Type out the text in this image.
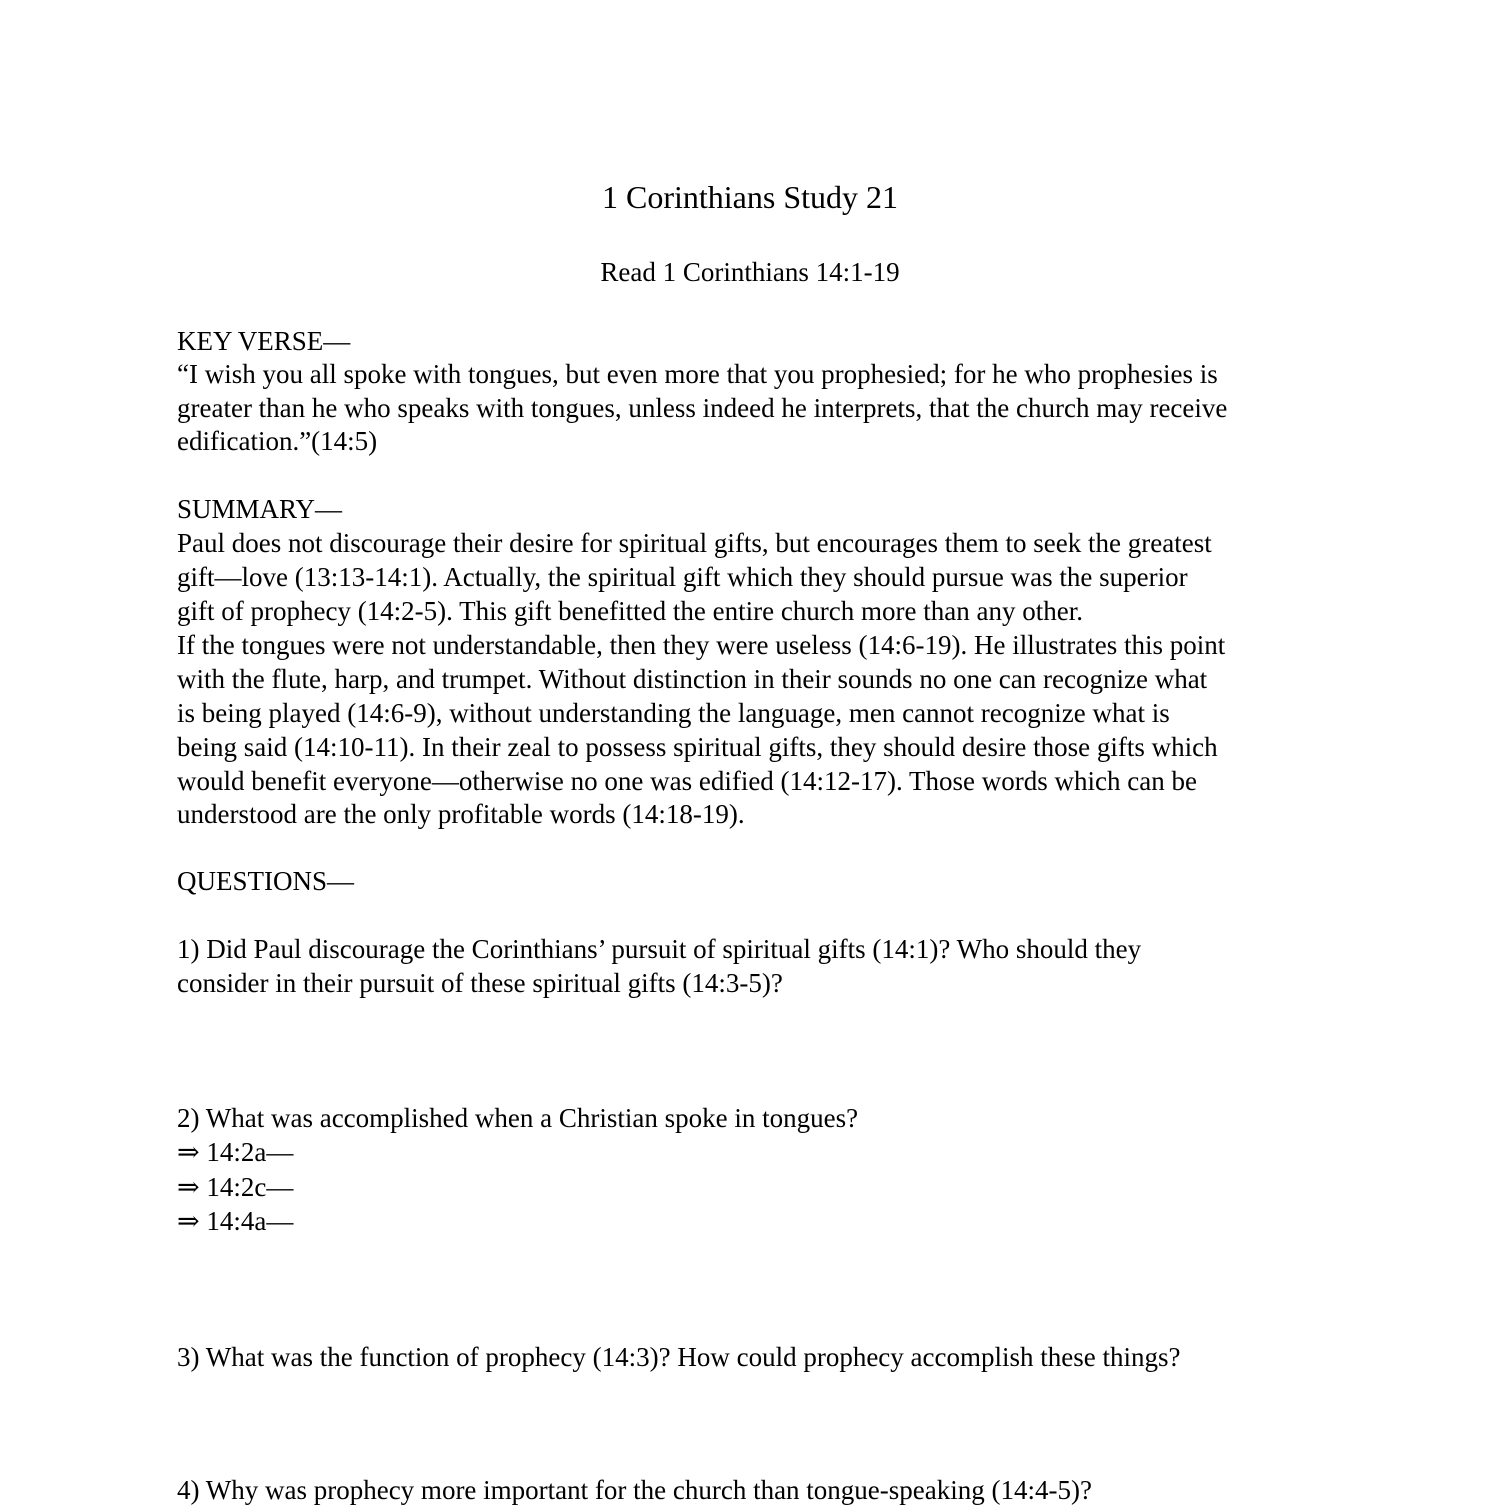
1 Corinthians Study 21
Read 1 Corinthians 14:1-19
KEY VERSE—
“I wish you all spoke with tongues, but even more that you prophesied; for he who prophesies is
greater than he who speaks with tongues, unless indeed he interprets, that the church may receive
edification.”(14:5)
SUMMARY—
Paul does not discourage their desire for spiritual gifts, but encourages them to seek the greatest
gift—love (13:13-14:1). Actually, the spiritual gift which they should pursue was the superior
gift of prophecy (14:2-5). This gift benefitted the entire church more than any other.
If the tongues were not understandable, then they were useless (14:6-19). He illustrates this point
with the flute, harp, and trumpet. Without distinction in their sounds no one can recognize what
is being played (14:6-9), without understanding the language, men cannot recognize what is
being said (14:10-11). In their zeal to possess spiritual gifts, they should desire those gifts which
would benefit everyone—otherwise no one was edified (14:12-17). Those words which can be
understood are the only profitable words (14:18-19).
QUESTIONS—
1) Did Paul discourage the Corinthians’ pursuit of spiritual gifts (14:1)? Who should they
consider in their pursuit of these spiritual gifts (14:3-5)?
2) What was accomplished when a Christian spoke in tongues?
⇒ 14:2a—
⇒ 14:2c—
⇒ 14:4a—
3) What was the function of prophecy (14:3)? How could prophecy accomplish these things?
4) Why was prophecy more important for the church than tongue-speaking (14:4-5)?
